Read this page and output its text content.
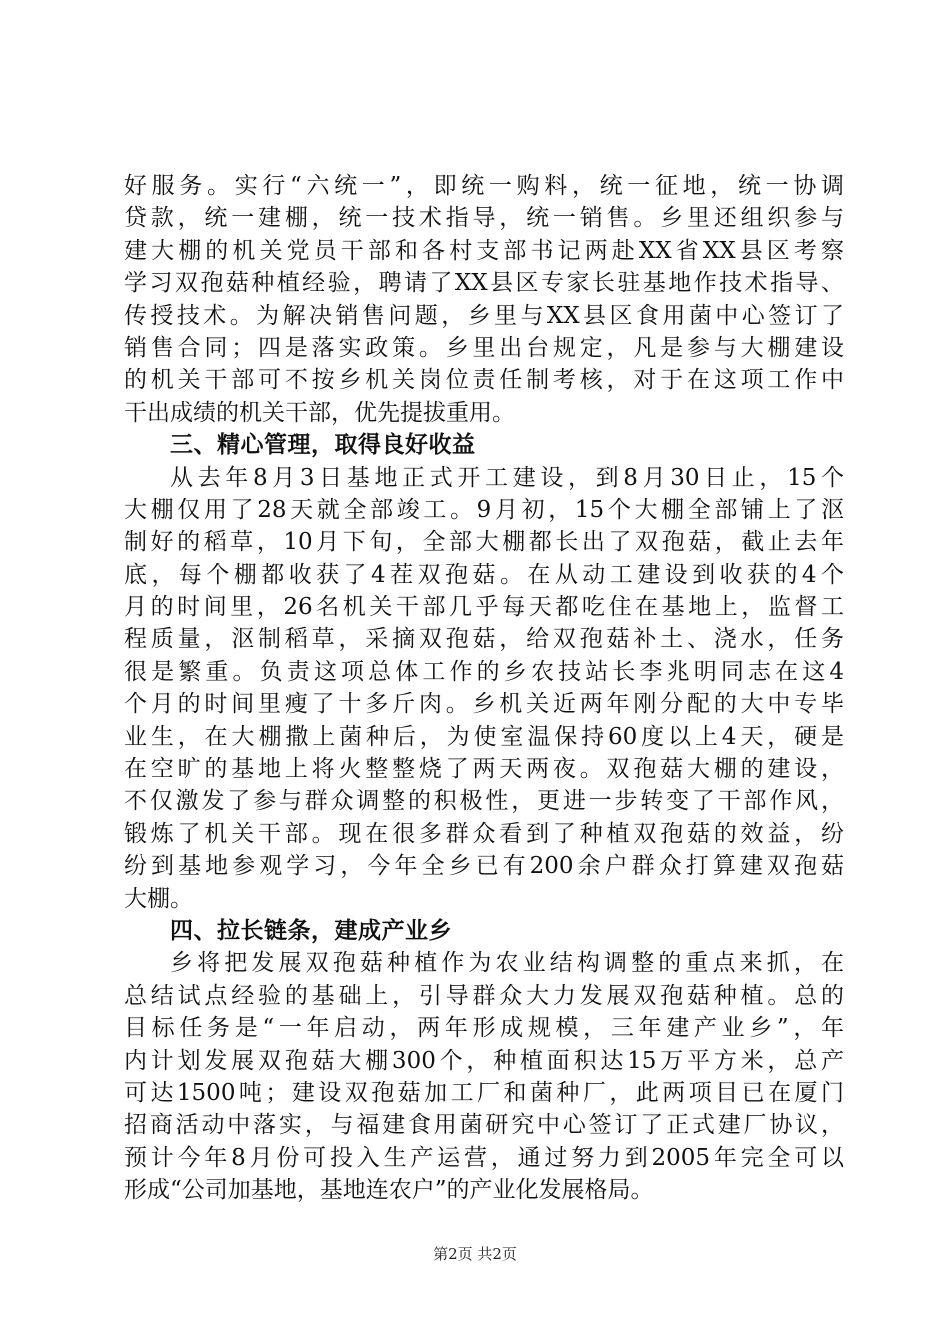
好服务。实行“六统一”，即统一购料，统一征地，统一协调
贷款，统一建棚，统一技术指导，统一销售。乡里还组织参与
建大棚的机关党员干部和各村支部书记两赴XX省XX县区考察
学习双孢菇种植经验，聘请了XX县区专家长驻基地作技术指导、
传授技术。为解决销售问题，乡里与XX县区食用菌中心签订了
销售合同；四是落实政策。乡里出台规定，凡是参与大棚建设
的机关干部可不按乡机关岗位责任制考核，对于在这项工作中
干出成绩的机关干部，优先提拔重用。
三、精心管理，取得良好收益
从去年8月3日基地正式开工建设，到8月30日止，15个
大棚仅用了28天就全部竣工。9月初，15个大棚全部铺上了沤
制好的稻草，10月下旬，全部大棚都长出了双孢菇，截止去年
底，每个棚都收获了4茬双孢菇。在从动工建设到收获的4个
月的时间里，26名机关干部几乎每天都吃住在基地上，监督工
程质量，沤制稻草，采摘双孢菇，给双孢菇补土、浇水，任务
很是繁重。负责这项总体工作的乡农技站长李兆明同志在这4
个月的时间里瘦了十多斤肉。乡机关近两年刚分配的大中专毕
业生，在大棚撒上菌种后，为使室温保持60度以上4天，硬是
在空旷的基地上将火整整烧了两天两夜。双孢菇大棚的建设，
不仅激发了参与群众调整的积极性，更进一步转变了干部作风，
锻炼了机关干部。现在很多群众看到了种植双孢菇的效益，纷
纷到基地参观学习，今年全乡已有200余户群众打算建双孢菇
大棚。
四、拉长链条，建成产业乡
乡将把发展双孢菇种植作为农业结构调整的重点来抓，在
总结试点经验的基础上，引导群众大力发展双孢菇种植。总的
目标任务是“一年启动，两年形成规模，三年建产业乡”，年
内计划发展双孢菇大棚300个，种植面积达15万平方米，总产
可达1500吨；建设双孢菇加工厂和菌种厂，此两项目已在厦门
招商活动中落实，与福建食用菌研究中心签订了正式建厂协议，
预计今年8月份可投入生产运营，通过努力到2005年完全可以
形成“公司加基地，基地连农户”的产业化发展格局。
第2页 共2页
